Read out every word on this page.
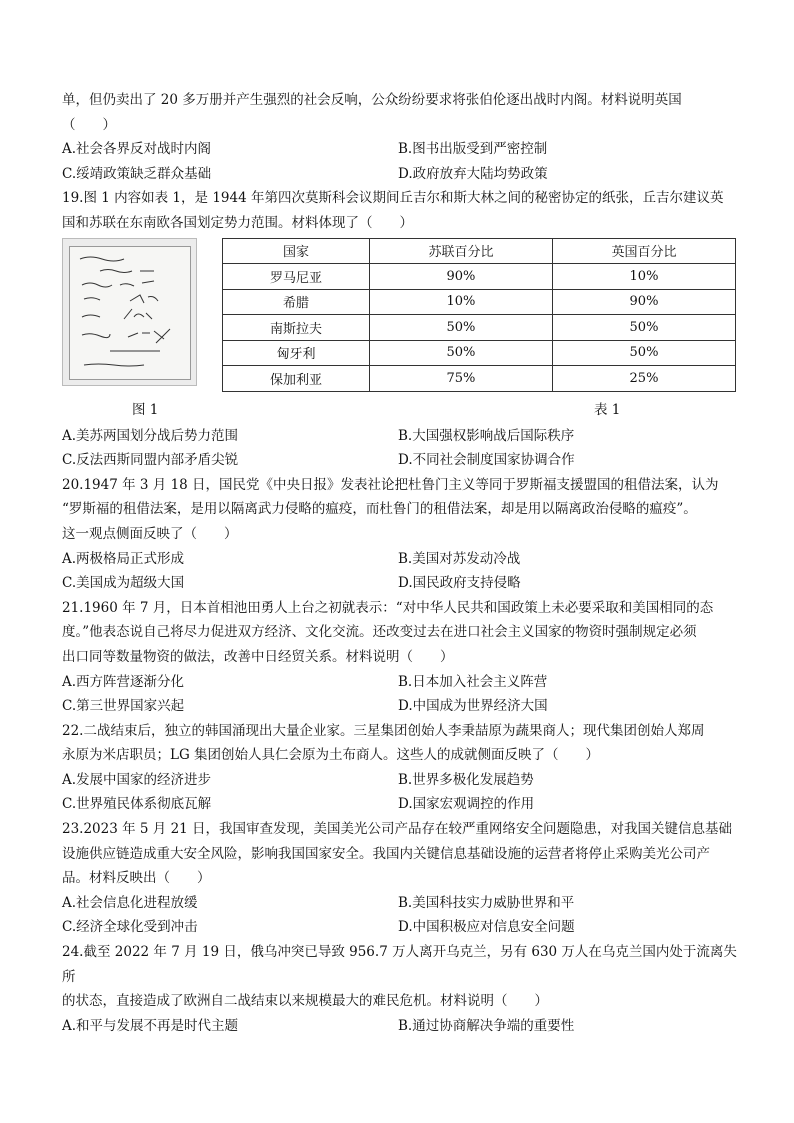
单，但仍卖出了 20 多万册并产生强烈的社会反响，公众纷纷要求将张伯伦逐出战时内阁。材料说明英国

（　　）

A.社会各界反对战时内阁	B.图书出版受到严密控制
C.绥靖政策缺乏群众基础	D.政府放弃大陆均势政策

19.图 1 内容如表 1，是 1944 年第四次莫斯科会议期间丘吉尔和斯大林之间的秘密协定的纸张，丘吉尔建议英

国和苏联在东南欧各国划定势力范围。材料体现了（　　）

国家	苏联百分比	英国百分比
罗马尼亚	90%	10%
希腊	10%	90%
南斯拉夫	50%	50%
匈牙利	50%	50%
保加利亚	75%	25%
图 1	表 1
A.美苏两国划分战后势力范围	B.大国强权影响战后国际秩序
C.反法西斯同盟内部矛盾尖锐	D.不同社会制度国家协调合作

20.1947 年 3 月 18 日，国民党《中央日报》发表社论把杜鲁门主义等同于罗斯福支援盟国的租借法案，认为

“罗斯福的租借法案，是用以隔离武力侵略的瘟疫，而杜鲁门的租借法案，却是用以隔离政治侵略的瘟疫”。

这一观点侧面反映了（　　）

A.两极格局正式形成	B.美国对苏发动冷战
C.美国成为超级大国	D.国民政府支持侵略

21.1960 年 7 月，日本首相池田勇人上台之初就表示：“对中华人民共和国政策上未必要采取和美国相同的态

度。”他表态说自己将尽力促进双方经济、文化交流。还改变过去在进口社会主义国家的物资时强制规定必须

出口同等数量物资的做法，改善中日经贸关系。材料说明（　　）

A.西方阵营逐渐分化	B.日本加入社会主义阵营
C.第三世界国家兴起	D.中国成为世界经济大国

22.二战结束后，独立的韩国涌现出大量企业家。三星集团创始人李秉喆原为蔬果商人；现代集团创始人郑周

永原为米店职员；LG 集团创始人具仁会原为土布商人。这些人的成就侧面反映了（　　）

A.发展中国家的经济进步	B.世界多极化发展趋势
C.世界殖民体系彻底瓦解	D.国家宏观调控的作用

23.2023 年 5 月 21 日，我国审查发现，美国美光公司产品存在较严重网络安全问题隐患，对我国关键信息基础

设施供应链造成重大安全风险，影响我国国家安全。我国内关键信息基础设施的运营者将停止采购美光公司产

品。材料反映出（　　）

A.社会信息化进程放缓	B.美国科技实力威胁世界和平
C.经济全球化受到冲击	D.中国积极应对信息安全问题

24.截至 2022 年 7 月 19 日，俄乌冲突已导致 956.7 万人离开乌克兰，另有 630 万人在乌克兰国内处于流离失所

的状态，直接造成了欧洲自二战结束以来规模最大的难民危机。材料说明（　　）

A.和平与发展不再是时代主题	B.通过协商解决争端的重要性
